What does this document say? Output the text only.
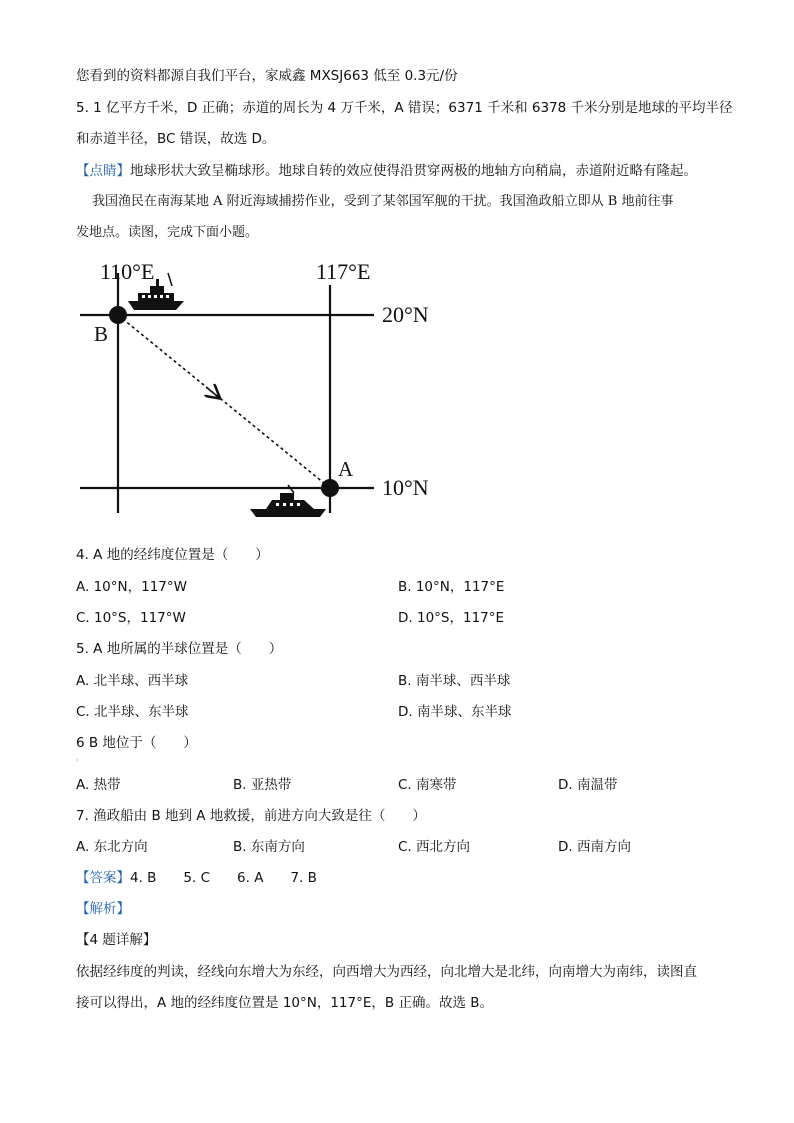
您看到的资料都源自我们平台，家威鑫 MXSJ663 低至 0.3元/份
5. 1 亿平方千米，D 正确；赤道的周长为 4 万千米，A 错误；6371 千米和 6378 千米分别是地球的平均半径
和赤道半径，BC 错误，故选 D。
【点睛】地球形状大致呈椭球形。地球自转的效应使得沿贯穿两极的地轴方向稍扁，赤道附近略有隆起。
我国渔民在南海某地 A 附近海域捕捞作业，受到了某邻国军舰的干扰。我国渔政船立即从 B 地前往事
发地点。读图，完成下面小题。
110°E	117°E
20°N
10°N
B
A
4. A 地的经纬度位置是（　　）
A. 10°N，117°W	B. 10°N，117°E
C. 10°S，117°W	D. 10°S，117°E
5. A 地所属的半球位置是（　　）
A. 北半球、西半球	B. 南半球、西半球
C. 北半球、东半球	D. 南半球、东半球
6 B 地位于（　　）
·
A. 热带	B. 亚热带	C. 南寒带	D. 南温带
7. 渔政船由 B 地到 A 地救援，前进方向大致是往（　　）
A. 东北方向	B. 东南方向	C. 西北方向	D. 西南方向
【答案】4. B　　5. C　　6. A　　7. B
【解析】
【4 题详解】
依据经纬度的判读，经线向东增大为东经，向西增大为西经，向北增大是北纬，向南增大为南纬，读图直
接可以得出，A 地的经纬度位置是 10°N，117°E，B 正确。故选 B。
